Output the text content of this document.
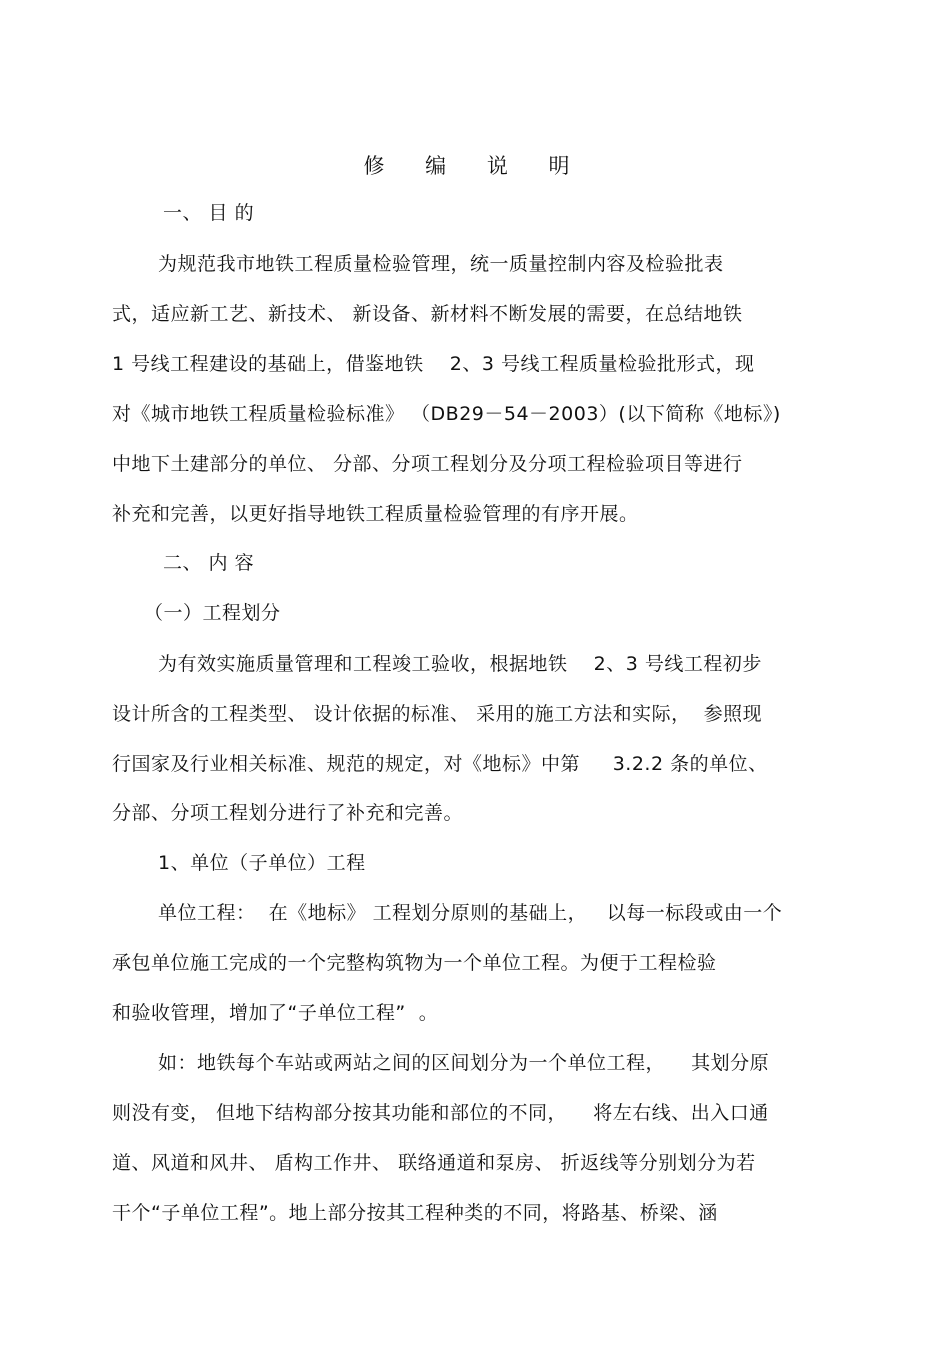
修 编 说 明
一、 目 的
为规范我市地铁工程质量检验管理，统一质量控制内容及检验批表
式，适应新工艺、新技术、 新设备、新材料不断发展的需要，在总结地铁
1 号线工程建设的基础上，借鉴地铁    2、3 号线工程质量检验批形式，现
对《城市地铁工程质量检验标准》 （DB29－54－2003）(以下简称《地标》)
中地下土建部分的单位、 分部、分项工程划分及分项工程检验项目等进行
补充和完善，以更好指导地铁工程质量检验管理的有序开展。
二、 内 容
（一）工程划分
为有效实施质量管理和工程竣工验收，根据地铁    2、3 号线工程初步
设计所含的工程类型、 设计依据的标准、 采用的施工方法和实际，  参照现
行国家及行业相关标准、规范的规定，对《地标》中第     3.2.2 条的单位、
分部、分项工程划分进行了补充和完善。
1、单位（子单位）工程
单位工程：  在《地标》 工程划分原则的基础上，   以每一标段或由一个
承包单位施工完成的一个完整构筑物为一个单位工程。为便于工程检验
和验收管理，增加了“子单位工程”  。
如：地铁每个车站或两站之间的区间划分为一个单位工程，    其划分原
则没有变， 但地下结构部分按其功能和部位的不同，    将左右线、出入口通
道、风道和风井、 盾构工作井、 联络通道和泵房、 折返线等分别划分为若
干个“子单位工程”。地上部分按其工程种类的不同，将路基、桥梁、涵
